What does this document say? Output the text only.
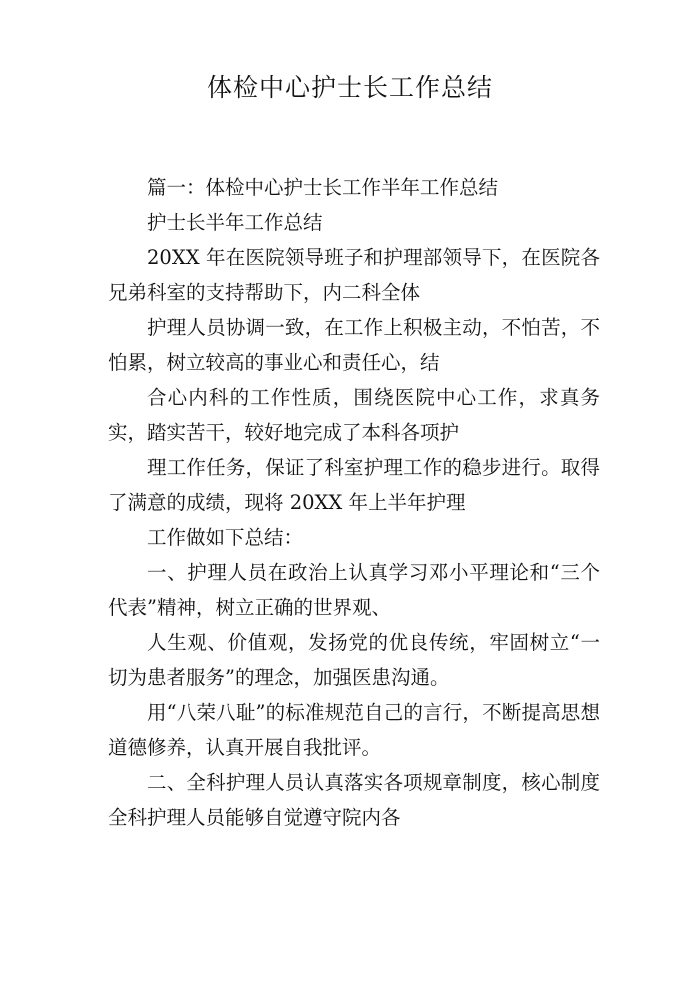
体检中心护士长工作总结

篇一：体检中心护士长工作半年工作总结

护士长半年工作总结

20XX 年在医院领导班子和护理部领导下，在医院各兄弟科室的支持帮助下，内二科全体

护理人员协调一致，在工作上积极主动，不怕苦，不怕累，树立较高的事业心和责任心，结

合心内科的工作性质，围绕医院中心工作，求真务实，踏实苦干，较好地完成了本科各项护

理工作任务，保证了科室护理工作的稳步进行。取得了满意的成绩，现将 20XX 年上半年护理

工作做如下总结：

一、护理人员在政治上认真学习邓小平理论和“三个代表”精神，树立正确的世界观、

人生观、价值观，发扬党的优良传统，牢固树立“一切为患者服务”的理念，加强医患沟通。

用“八荣八耻”的标准规范自己的言行，不断提高思想道德修养，认真开展自我批评。

二、全科护理人员认真落实各项规章制度，核心制度全科护理人员能够自觉遵守院内各
